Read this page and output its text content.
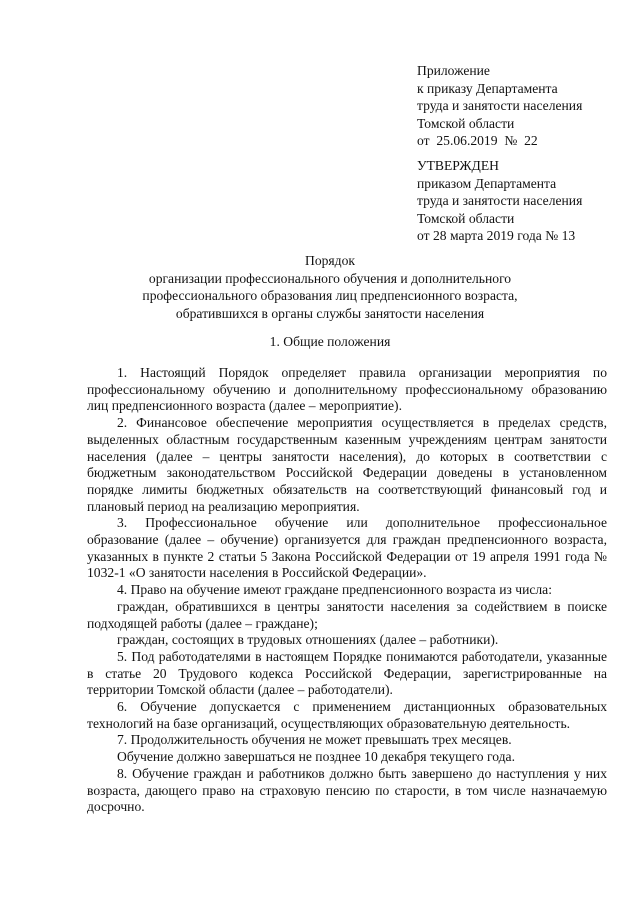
Приложение
к приказу Департамента
труда и занятости населения
Томской области
от  25.06.2019  №  22
УТВЕРЖДЕН
приказом Департамента
труда и занятости населения
Томской области
от 28 марта 2019 года № 13
Порядок
организации профессионального обучения и дополнительного
профессионального образования лиц предпенсионного возраста,
обратившихся в органы службы занятости населения
1. Общие положения

1. Настоящий Порядок определяет правила организации мероприятия по профессиональному обучению и дополнительному профессиональному образованию лиц предпенсионного возраста (далее – мероприятие).

2. Финансовое обеспечение мероприятия осуществляется в пределах средств, выделенных областным государственным казенным учреждениям центрам занятости населения (далее – центры занятости населения), до которых в соответствии с бюджетным законодательством Российской Федерации доведены в установленном порядке лимиты бюджетных обязательств на соответствующий финансовый год и плановый период на реализацию мероприятия.

3. Профессиональное обучение или дополнительное профессиональное образование (далее – обучение) организуется для граждан предпенсионного возраста, указанных в пункте 2 статьи 5 Закона Российской Федерации от 19 апреля 1991 года № 1032-1 «О занятости населения в Российской Федерации».

4. Право на обучение имеют граждане предпенсионного возраста из числа:

граждан, обратившихся в центры занятости населения за содействием в поиске подходящей работы (далее – граждане);

граждан, состоящих в трудовых отношениях (далее – работники).

5. Под работодателями в настоящем Порядке понимаются работодатели, указанные в статье 20 Трудового кодекса Российской Федерации, зарегистрированные на территории Томской области (далее – работодатели).

6. Обучение допускается с применением дистанционных образовательных технологий на базе организаций, осуществляющих образовательную деятельность.

7. Продолжительность обучения не может превышать трех месяцев.

Обучение должно завершаться не позднее 10 декабря текущего года.

8. Обучение граждан и работников должно быть завершено до наступления у них возраста, дающего право на страховую пенсию по старости, в том числе назначаемую досрочно.
